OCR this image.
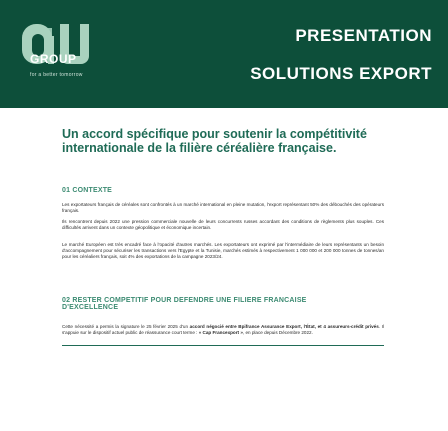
GROUP
for a better tomorrow
PRESENTATION
SOLUTIONS EXPORT
Un accord spécifique pour soutenir la compétitivité
internationale de la filière céréalière française.
01 CONTEXTE
Les exportateurs français de céréales sont confrontés à un marché international en pleine mutation, l'export représentant 50% des débouchés des opérateurs français.
Ils rencontrent depuis 2022 une pression commerciale nouvelle de leurs concurrents russes accordant des conditions de règlements plus souples. Ces difficultés arrivent dans un contexte géopolitique et économique incertain.
Le marché Européen est très encadré face à l'opacité d'autres marchés. Les exportateurs ont exprimé par l'intermédiaire de leurs représentants un besoin d'accompagnement pour sécuriser les transactions vers l'Egypte et la Tunisie, marchés estimés à respectivement 1 000 000 et 200 000 tonnes de tonnes/an pour les céréaliers français, soit 4% des exportations de la campagne 2023/24.
02 RESTER COMPETITIF POUR DEFENDRE UNE FILIERE FRANCAISE
D'EXCELLENCE
Cette nécessité a permis la signature le 25 février 2025 d'un accord négocié entre Bpifrance Assurance Export, l'État, et 4 assureurs-crédit privés. Il s'appuie sur le dispositif actuel public de réassurance court terme : « Cap Francexport », en place depuis Décembre 2022.
